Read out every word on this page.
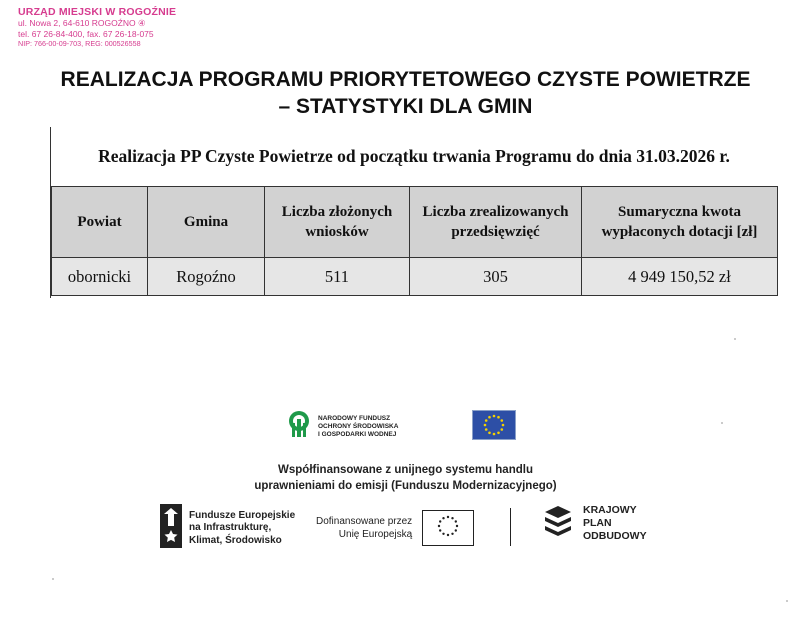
URZĄD MIEJSKI W ROGOŹNIE
ul. Nowa 2, 64-610 ROGOŹNO ④
tel. 67 26-84-400, fax. 67 26-18-075
NIP: 766-00-09-703, REG: 000526558
REALIZACJA PROGRAMU PRIORYTETOWEGO CZYSTE POWIETRZE
– STATYSTYKI DLA GMIN
Realizacja PP Czyste Powietrze od początku trwania Programu do dnia 31.03.2026 r.
Powiat	Gmina	Liczba złożonych wniosków	Liczba zrealizowanych przedsięwzięć	Sumaryczna kwota wypłaconych dotacji [zł]
obornicki	Rogoźno	511	305	4 949 150,52 zł
NARODOWY FUNDUSZ
OCHRONY ŚRODOWISKA
I GOSPODARKI WODNEJ
Współfinansowane z unijnego systemu handlu
uprawnieniami do emisji (Funduszu Modernizacyjnego)
Fundusze Europejskie
na Infrastrukturę,
Klimat, Środowisko
Dofinansowane przez
Unię Europejską
KRAJOWY
PLAN
ODBUDOWY
